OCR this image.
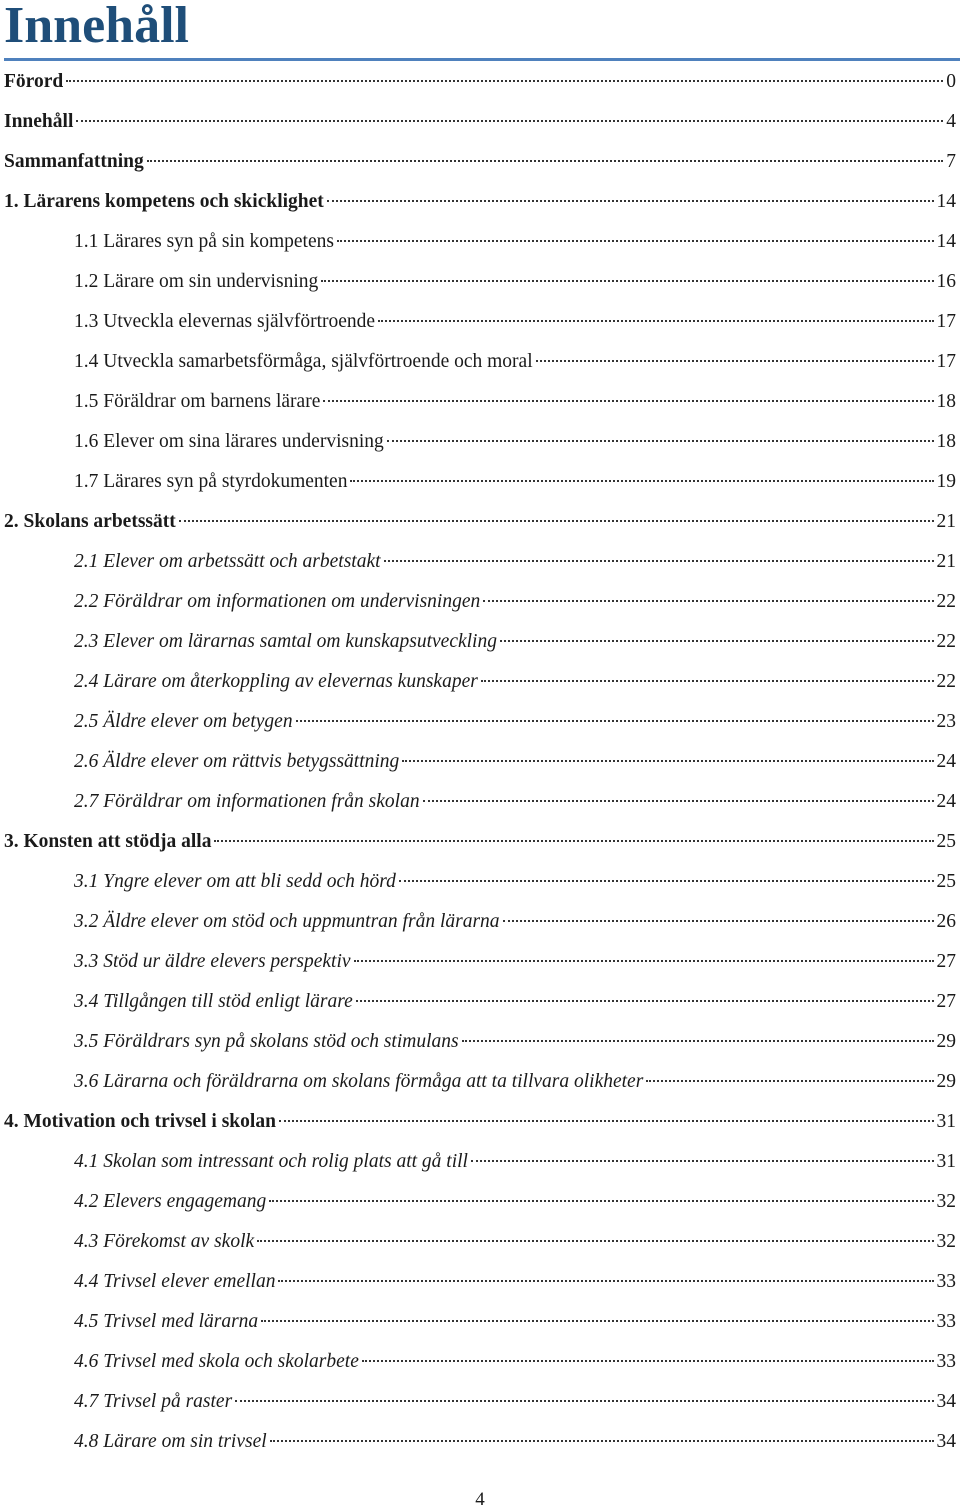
Innehåll
Förord	0
Innehåll	4
Sammanfattning	7
1. Lärarens kompetens och skicklighet	14
1.1 Lärares syn på sin kompetens	14
1.2 Lärare om sin undervisning	16
1.3 Utveckla elevernas självförtroende	17
1.4 Utveckla samarbetsförmåga, självförtroende och moral	17
1.5 Föräldrar om barnens lärare	18
1.6 Elever om sina lärares undervisning	18
1.7 Lärares syn på styrdokumenten	19
2. Skolans arbetssätt	21
2.1 Elever om arbetssätt och arbetstakt	21
2.2 Föräldrar om informationen om undervisningen	22
2.3 Elever om lärarnas samtal om kunskapsutveckling	22
2.4 Lärare om återkoppling av elevernas kunskaper	22
2.5 Äldre elever om betygen	23
2.6 Äldre elever om rättvis betygssättning	24
2.7 Föräldrar om informationen från skolan	24
3. Konsten att stödja alla	25
3.1 Yngre elever om att bli sedd och hörd	25
3.2 Äldre elever om stöd och uppmuntran från lärarna	26
3.3 Stöd ur äldre elevers perspektiv	27
3.4 Tillgången till stöd enligt lärare	27
3.5 Föräldrars syn på skolans stöd och stimulans	29
3.6 Lärarna och föräldrarna om skolans förmåga att ta tillvara olikheter	29
4. Motivation och trivsel i skolan	31
4.1 Skolan som intressant och rolig plats att gå till	31
4.2 Elevers engagemang	32
4.3 Förekomst av skolk	32
4.4 Trivsel elever emellan	33
4.5 Trivsel med lärarna	33
4.6 Trivsel med skola och skolarbete	33
4.7 Trivsel på raster	34
4.8 Lärare om sin trivsel	34
4
